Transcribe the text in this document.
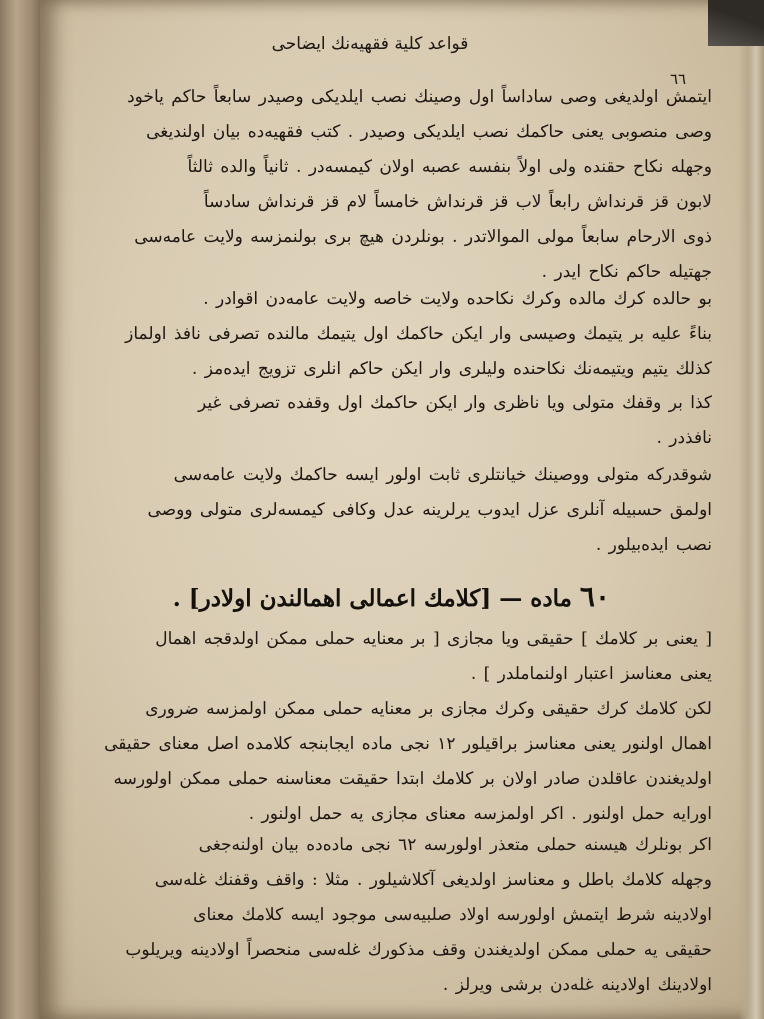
قواعد كلية فقهيه‌نك ايضاحى
٦٦
ايتمش اولديغى وصى ساداساً اول وصينك نصب ايلديكى وصيدر سابعاً حاكم ياخود
وصى منصوبى يعنى حاكمك نصب ايلديكى وصيدر . كتب فقهيه‌ده بيان اولنديغى
وجهله نكاح حقنده ولى اولاً بنفسه عصبه اولان كيمسه‌در . ثانياً والده ثالثاً
لابون قز قرنداش رابعاً لاب قز قرنداش خامساً لام قز قرنداش سادساً
ذوى الارحام سابعاً مولى الموالاتدر . بونلردن هيچ برى بولنمزسه ولايت عامه‌سى
جهتيله حاكم نكاح ايدر .
بو حالده كرك مالده وكرك نكاحده ولايت خاصه ولايت عامه‌دن اقوادر .
بناءً عليه بر يتيمك وصيسى وار ايكن حاكمك اول يتيمك مالنده تصرفى نافذ اولماز
كذلك يتيم ويتيمه‌نك نكاحنده وليلرى وار ايكن حاكم انلرى تزويج ايده‌مز .
كذا بر وقفك متولى ويا ناظرى وار ايكن حاكمك اول وقفده تصرفى غير
نافذدر .
شوقدركه متولى ووصينك خيانتلرى ثابت اولور ايسه حاكمك ولايت عامه‌سى
اولمق حسبيله آنلرى عزل ايدوب يرلرينه عدل وكافى كيمسه‌لرى متولى ووصى
نصب ايده‌بيلور .
٦٠ ماده — [كلامك اعمالى اهمالندن اولادر] .
[ يعنى بر كلامك ] حقيقى ويا مجازى [ بر معنايه حملى ممكن اولدقجه اهمال
يعنى معناسز اعتبار اولنماملدر ] .
لكن كلامك كرك حقيقى وكرك مجازى بر معنايه حملى ممكن اولمزسه ضرورى
اهمال اولنور يعنى معناسز براقيلور ١٢ نجى ماده ايجابنجه كلامده اصل معناى حقيقى
اولديغندن عاقلدن صادر اولان بر كلامك ابتدا حقيقت معناسنه حملى ممكن اولورسه
اورايه حمل اولنور . اكر اولمزسه معناى مجازى يه حمل اولنور .
اكر بونلرك هيسنه حملى متعذر اولورسه ٦٢ نجى ماده‌ده بيان اولنه‌جغى
وجهله كلامك باطل و معناسز اولديغى آكلاشيلور . مثلا : واقف وقفنك غله‌سى
اولادينه شرط ايتمش اولورسه اولاد صلبيه‌سى موجود ايسه كلامك معناى
حقيقى يه حملى ممكن اولديغندن وقف مذكورك غله‌سى منحصراً اولادينه ويريلوب
اولادينك اولادينه غله‌دن برشى ويرلز .
